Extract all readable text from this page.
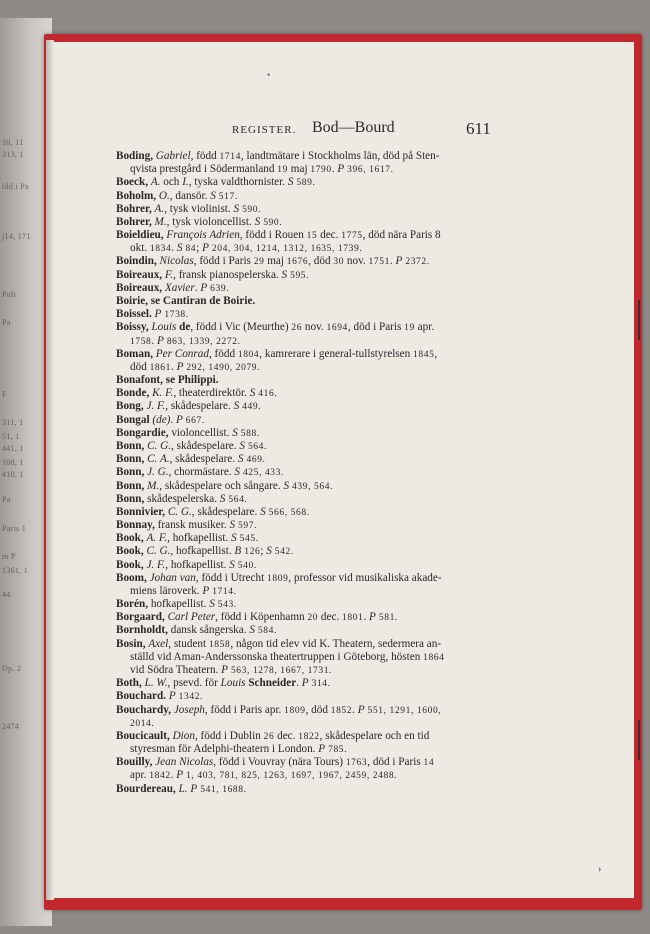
10, 11
313, 1
idd i Pa
j14, 171
Poli
Pa
F
311, 1
51, 1
441, 1
108, 1
410, 1
Pa
Paris 1
m P
1361, 1
44
Op. 2
2474
•
REGISTER. Bod—Bourd	611
Boding, Gabriel, född 1714, landtmätare i Stockholms län, död på Sten-
qvista prestgård i Södermanland 19 maj 1790. P 396, 1617.
Boeck, A. och I., tyska valdthornister. S 589.
Boholm, O., dansör. S 517.
Bohrer, A., tysk violinist. S 590.
Bohrer, M., tysk violoncellist. S 590.
Boieldieu, François Adrien, född i Rouen 15 dec. 1775, död nära Paris 8
okt. 1834. S 84; P 204, 304, 1214, 1312, 1635, 1739.
Boindin, Nicolas, född i Paris 29 maj 1676, död 30 nov. 1751. P 2372.
Boireaux, F., fransk pianospelerska. S 595.
Boireaux, Xavier. P 639.
Boirie, se Cantiran de Boirie.
Boissel. P 1738.
Boissy, Louis de, född i Vic (Meurthe) 26 nov. 1694, död i Paris 19 apr.
1758. P 863, 1339, 2272.
Boman, Per Conrad, född 1804, kamrerare i general-tullstyrelsen 1845,
död 1861. P 292, 1490, 2079.
Bonafont, se Philippi.
Bonde, K. F., theaterdirektör. S 416.
Bong, J. F., skådespelare. S 449.
Bongal (de). P 667.
Bongardie, violoncellist. S 588.
Bonn, C. G., skådespelare. S 564.
Bonn, C. A., skådespelare. S 469.
Bonn, J. G., chormästare. S 425, 433.
Bonn, M., skådespelare och sångare. S 439, 564.
Bonn, skådespelerska. S 564.
Bonnivier, C. G., skådespelare. S 566, 568.
Bonnay, fransk musiker. S 597.
Book, A. F., hofkapellist. S 545.
Book, C. G., hofkapellist. B 126; S 542.
Book, J. F., hofkapellist. S 540.
Boom, Johan van, född i Utrecht 1809, professor vid musikaliska akade-
miens läroverk. P 1714.
Borén, hofkapellist. S 543.
Borgaard, Carl Peter, född i Köpenhamn 20 dec. 1801. P 581.
Bornholdt, dansk sångerska. S 584.
Bosin, Axel, student 1858, någon tid elev vid K. Theatern, sedermera an-
ställd vid Aman-Anderssonska theatertruppen i Göteborg, hösten 1864
vid Södra Theatern. P 563, 1278, 1667, 1731.
Both, L. W., psevd. för Louis Schneider. P 314.
Bouchard. P 1342.
Bouchardy, Joseph, född i Paris apr. 1809, död 1852. P 551, 1291, 1600,
2014.
Boucicault, Dion, född i Dublin 26 dec. 1822, skådespelare och en tid
styresman för Adelphi-theatern i London. P 785.
Bouilly, Jean Nicolas, född i Vouvray (nära Tours) 1763, död i Paris 14
apr. 1842. P 1, 403, 781, 825, 1263, 1697, 1967, 2459, 2488.
Bourdereau, L. P 541, 1688.
›
